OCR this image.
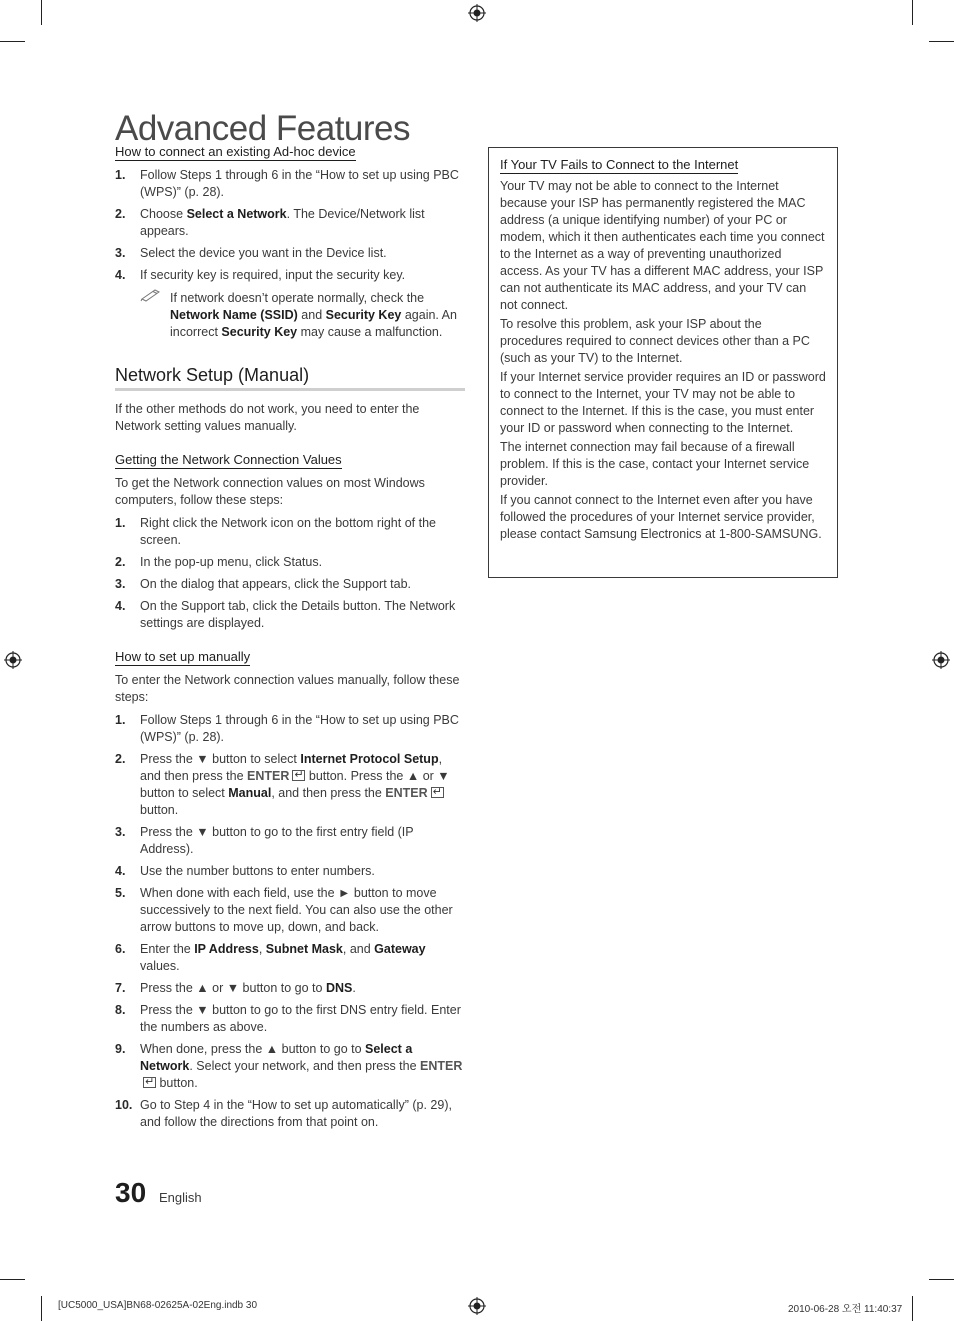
Advanced Features
How to connect an existing Ad-hoc device
1. Follow Steps 1 through 6 in the “How to set up using PBC (WPS)” (p. 28).
2. Choose Select a Network. The Device/Network list appears.
3. Select the device you want in the Device list.
4. If security key is required, input the security key.
If network doesn’t operate normally, check the Network Name (SSID) and Security Key again. An incorrect Security Key may cause a malfunction.
Network Setup (Manual)

If the other methods do not work, you need to enter the Network setting values manually.

Getting the Network Connection Values

To get the Network connection values on most Windows computers, follow these steps:

1. Right click the Network icon on the bottom right of the screen.
2. In the pop-up menu, click Status.
3. On the dialog that appears, click the Support tab.
4. On the Support tab, click the Details button. The Network settings are displayed.
How to set up manually

To enter the Network connection values manually, follow these steps:

1. Follow Steps 1 through 6 in the “How to set up using PBC (WPS)” (p. 28).
2. Press the ▼ button to select Internet Protocol Setup, and then press the ENTER↵ button. Press the ▲ or ▼ button to select Manual, and then press the ENTER↵ button.
3. Press the ▼ button to go to the first entry field (IP Address).
4. Use the number buttons to enter numbers.
5. When done with each field, use the ► button to move successively to the next field. You can also use the other arrow buttons to move up, down, and back.
6. Enter the IP Address, Subnet Mask, and Gateway values.
7. Press the ▲ or ▼ button to go to DNS.
8. Press the ▼ button to go to the first DNS entry field. Enter the numbers as above.
9. When done, press the ▲ button to go to Select a Network. Select your network, and then press the ENTER↵ button.
10. Go to Step 4 in the “How to set up automatically” (p. 29), and follow the directions from that point on.
If Your TV Fails to Connect to the Internet

Your TV may not be able to connect to the Internet because your ISP has permanently registered the MAC address (a unique identifying number) of your PC or modem, which it then authenticates each time you connect to the Internet as a way of preventing unauthorized access. As your TV has a different MAC address, your ISP can not authenticate its MAC address, and your TV can not connect.

To resolve this problem, ask your ISP about the procedures required to connect devices other than a PC (such as your TV) to the Internet.

If your Internet service provider requires an ID or password to connect to the Internet, your TV may not be able to connect to the Internet. If this is the case, you must enter your ID or password when connecting to the Internet.

The internet connection may fail because of a firewall problem. If this is the case, contact your Internet service provider.

If you cannot connect to the Internet even after you have followed the procedures of your Internet service provider, please contact Samsung Electronics at 1-800-SAMSUNG.

30 English
[UC5000_USA]BN68-02625A-02Eng.indb 30	2010-06-28 오전 11:40:37
